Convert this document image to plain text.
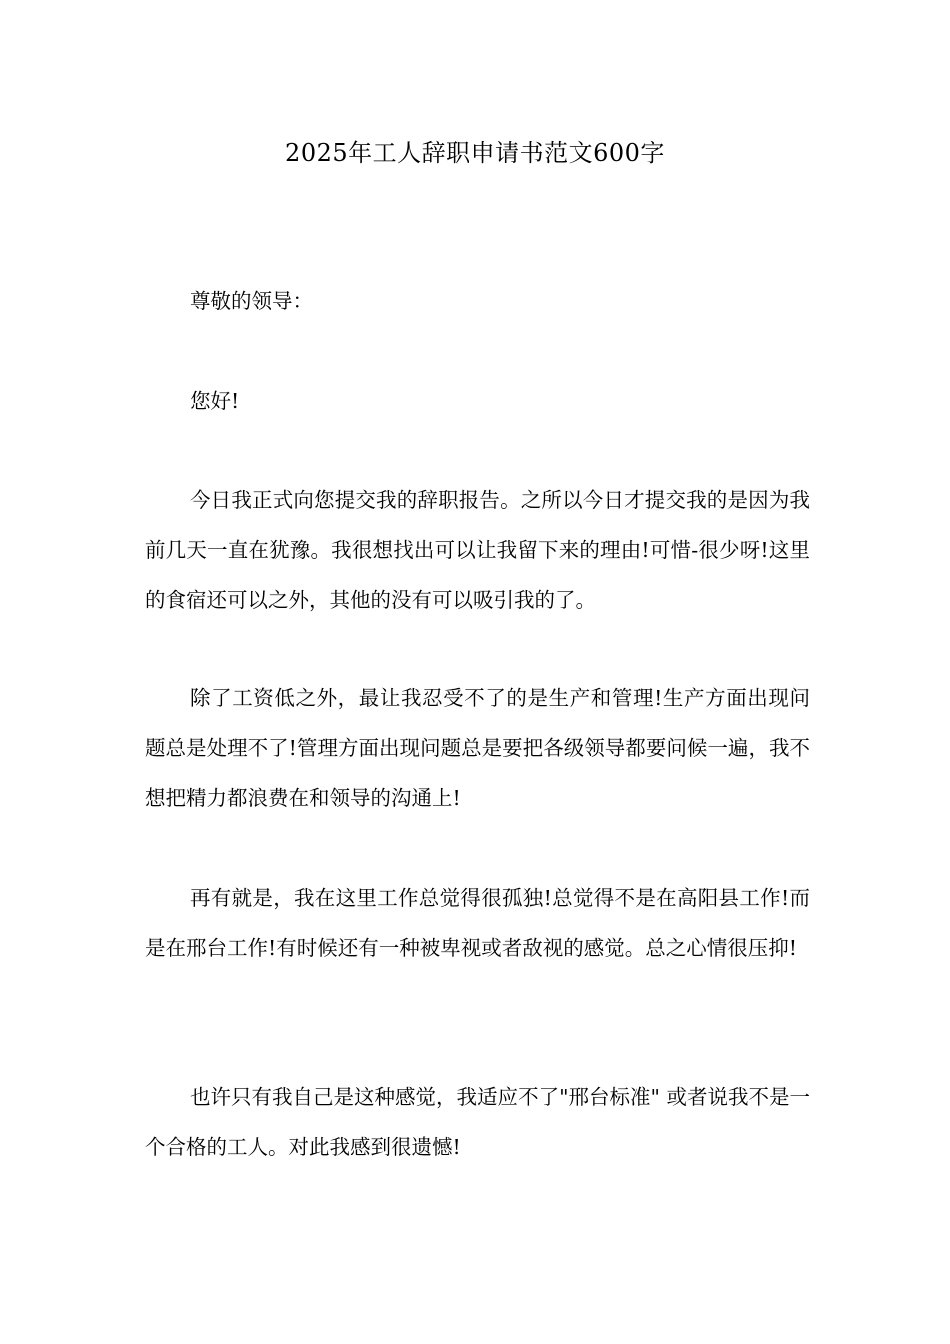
2025年工人辞职申请书范文600字

尊敬的领导：

您好!

今日我正式向您提交我的辞职报告。之所以今日才提交我的是因为我前几天一直在犹豫。我很想找出可以让我留下来的理由!可惜-很少呀!这里的食宿还可以之外，其他的没有可以吸引我的了。

除了工资低之外，最让我忍受不了的是生产和管理!生产方面出现问题总是处理不了!管理方面出现问题总是要把各级领导都要问候一遍，我不想把精力都浪费在和领导的沟通上!

再有就是，我在这里工作总觉得很孤独!总觉得不是在高阳县工作!而是在邢台工作!有时候还有一种被卑视或者敌视的感觉。总之心情很压抑!

也许只有我自己是这种感觉，我适应不了"邢台标准" 或者说我不是一个合格的工人。对此我感到很遗憾!
